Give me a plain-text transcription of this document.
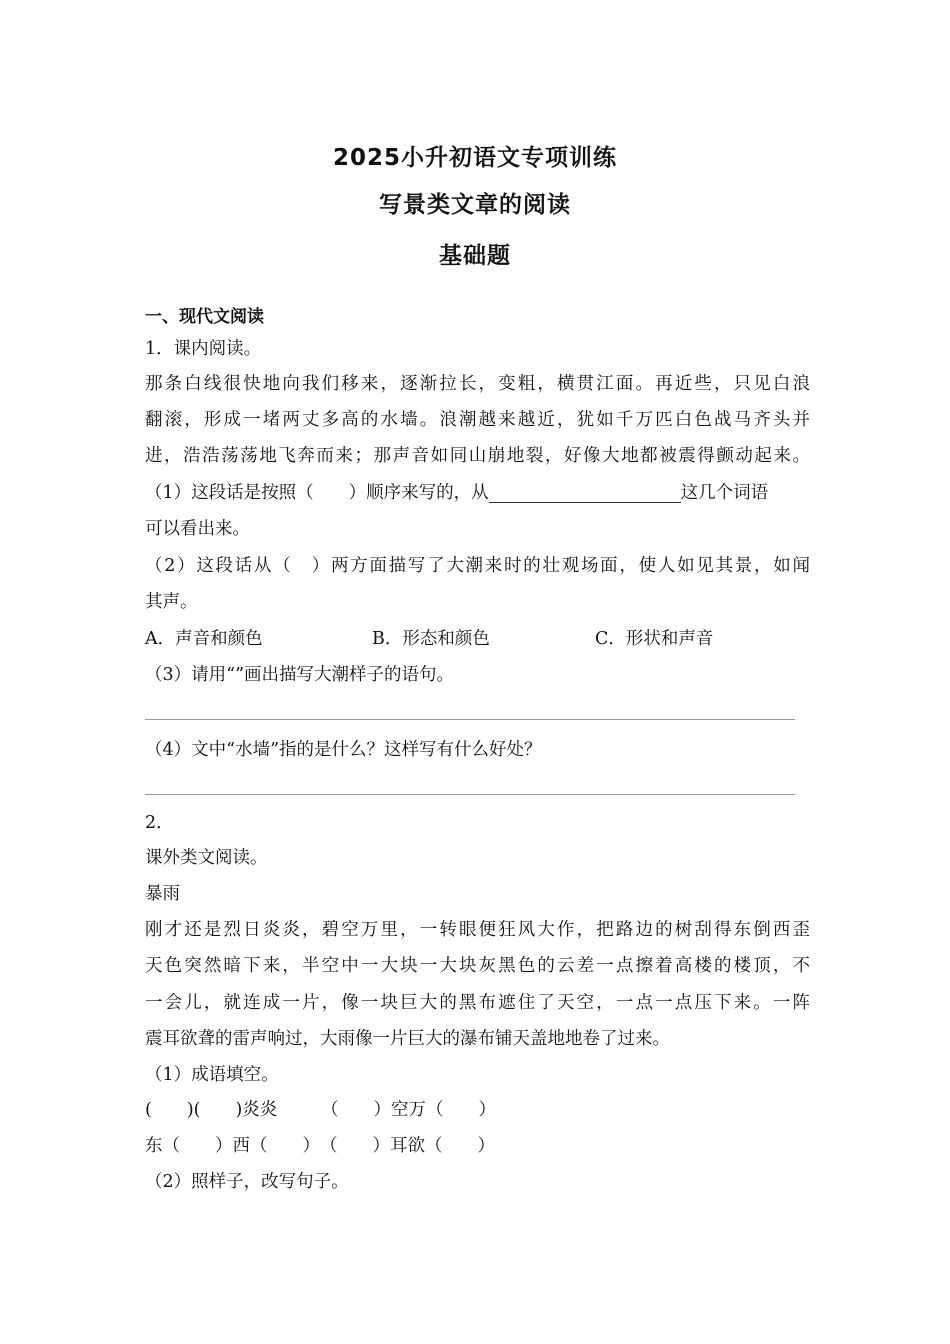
2025小升初语文专项训练
写景类文章的阅读
基础题
一、现代文阅读
1．课内阅读。
那条白线很快地向我们移来，逐渐拉长，变粗，横贯江面。再近些，只见白浪
翻滚，形成一堵两丈多高的水墙。浪潮越来越近，犹如千万匹白色战马齐头并
进，浩浩荡荡地飞奔而来；那声音如同山崩地裂，好像大地都被震得颤动起来。
（1）这段话是按照（　　）顺序来写的，从	这几个词语
可以看出来。
（2）这段话从（　）两方面描写了大潮来时的壮观场面，使人如见其景，如闻
其声。
A．声音和颜色	B．形态和颜色	C．形状和声音
（3）请用“”画出描写大潮样子的语句。
（4）文中“水墙”指的是什么？这样写有什么好处？
2．
课外类文阅读。
暴雨
刚才还是烈日炎炎，碧空万里，一转眼便狂风大作，把路边的树刮得东倒西歪
天色突然暗下来，半空中一大块一大块灰黑色的云差一点擦着高楼的楼顶，不
一会儿，就连成一片，像一块巨大的黑布遮住了天空，一点一点压下来。一阵
震耳欲聋的雷声响过，大雨像一片巨大的瀑布铺天盖地地卷了过来。
（1）成语填空。
(　　)(　　)炎炎　　　（　　）空万（　　）
东（　　）西（　　）　（　　）耳欲（　　）
（2）照样子，改写句子。
